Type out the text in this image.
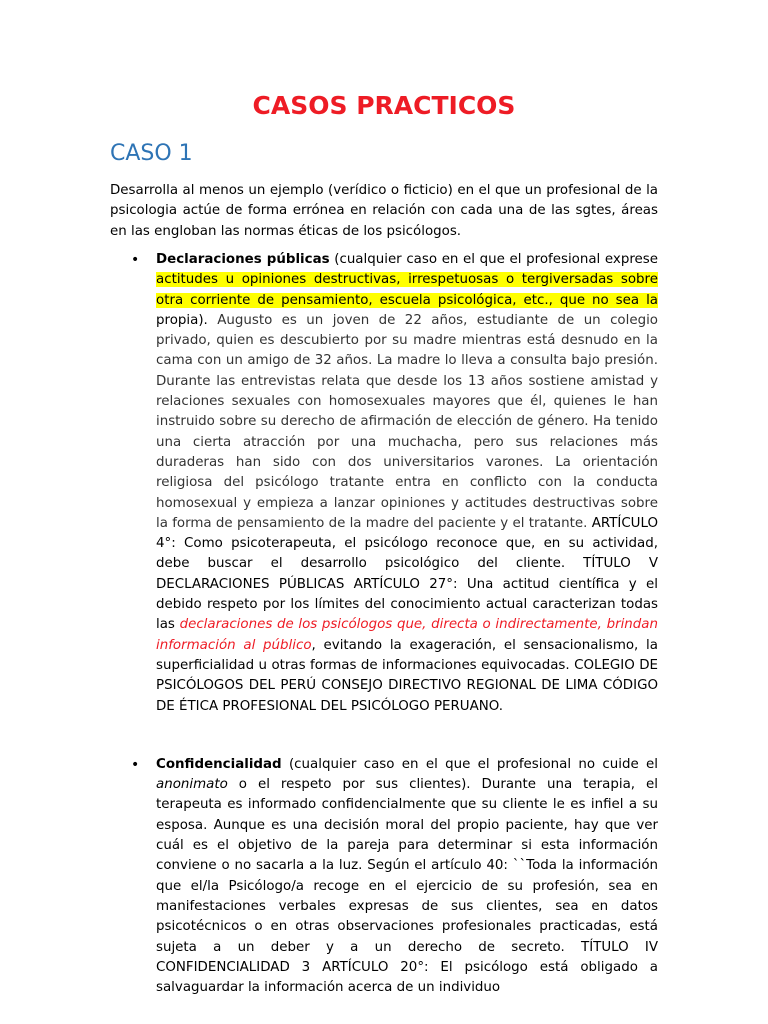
CASOS PRACTICOS
CASO 1

Desarrolla al menos un ejemplo (verídico o ficticio) en el que un profesional de la psicologia actúe de forma errónea en relación con cada una de las sgtes, áreas en las engloban las normas éticas de los psicólogos.

• Declaraciones públicas (cualquier caso en el que el profesional exprese actitudes u opiniones destructivas, irrespetuosas o tergiversadas sobre otra corriente de pensamiento, escuela psicológica, etc., que no sea la propia). Augusto es un joven de 22 años, estudiante de un colegio privado, quien es descubierto por su madre mientras está desnudo en la cama con un amigo de 32 años. La madre lo lleva a consulta bajo presión. Durante las entrevistas relata que desde los 13 años sostiene amistad y relaciones sexuales con homosexuales mayores que él, quienes le han instruido sobre su derecho de afirmación de elección de género. Ha tenido una cierta atracción por una muchacha, pero sus relaciones más duraderas han sido con dos universitarios varones. La orientación religiosa del psicólogo tratante entra en conflicto con la conducta homosexual y empieza a lanzar opiniones y actitudes destructivas sobre la forma de pensamiento de la madre del paciente y el tratante. ARTÍCULO 4°: Como psicoterapeuta, el psicólogo reconoce que, en su actividad, debe buscar el desarrollo psicológico del cliente. TÍTULO V DECLARACIONES PÚBLICAS ARTÍCULO 27°: Una actitud científica y el debido respeto por los límites del conocimiento actual caracterizan todas las declaraciones de los psicólogos que, directa o indirectamente, brindan información al público, evitando la exageración, el sensacionalismo, la superficialidad u otras formas de informaciones equivocadas. COLEGIO DE PSICÓLOGOS DEL PERÚ CONSEJO DIRECTIVO REGIONAL DE LIMA CÓDIGO DE ÉTICA PROFESIONAL DEL PSICÓLOGO PERUANO.

• Confidencialidad (cualquier caso en el que el profesional no cuide el anonimato o el respeto por sus clientes). Durante una terapia, el terapeuta es informado confidencialmente que su cliente le es infiel a su esposa. Aunque es una decisión moral del propio paciente, hay que ver cuál es el objetivo de la pareja para determinar si esta información conviene o no sacarla a la luz. Según el artículo 40: ``Toda la información que el/la Psicólogo/a recoge en el ejercicio de su profesión, sea en manifestaciones verbales expresas de sus clientes, sea en datos psicotécnicos o en otras observaciones profesionales practicadas, está sujeta a un deber y a un derecho de secreto. TÍTULO IV CONFIDENCIALIDAD 3 ARTÍCULO 20°: El psicólogo está obligado a salvaguardar la información acerca de un individuo
